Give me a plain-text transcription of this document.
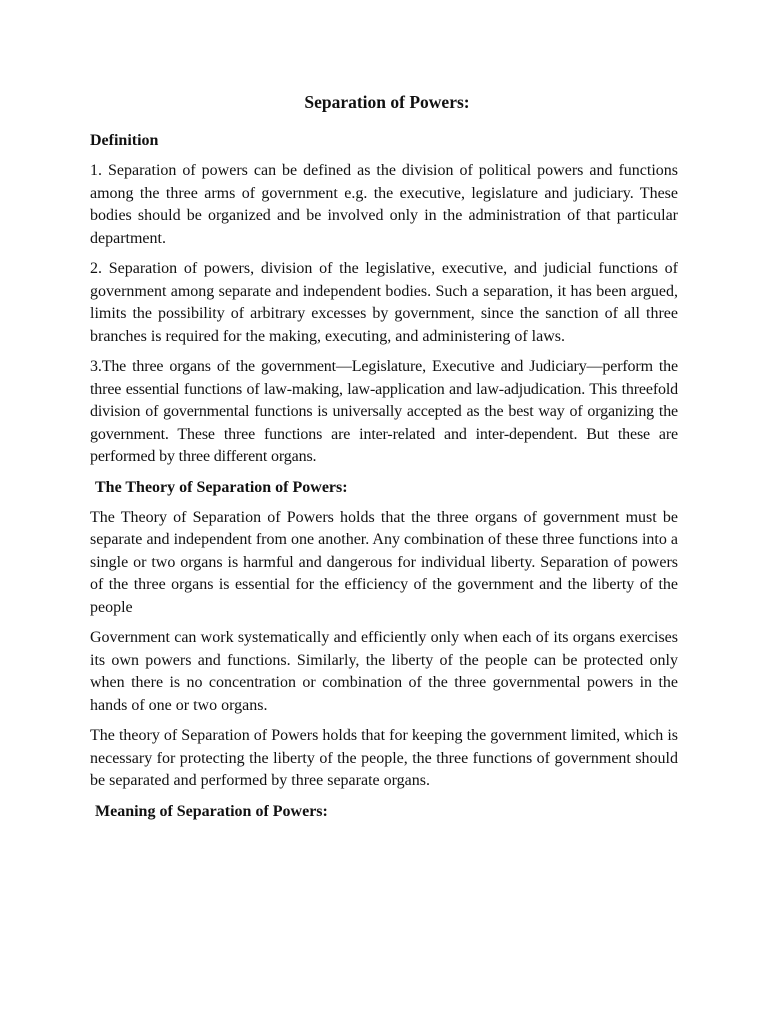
Separation of Powers:
Definition

1. Separation of powers can be defined as the division of political powers and functions among the three arms of government e.g. the executive, legislature and judiciary. These bodies should be organized and be involved only in the administration of that particular department.

2. Separation of powers, division of the legislative, executive, and judicial functions of government among separate and independent bodies. Such a separation, it has been argued, limits the possibility of arbitrary excesses by government, since the sanction of all three branches is required for the making, executing, and administering of laws.

3.The three organs of the government—Legislature, Executive and Judiciary—perform the three essential functions of law-making, law-application and law-adjudication. This threefold division of governmental functions is universally accepted as the best way of organizing the government. These three functions are inter-related and inter-dependent. But these are performed by three different organs.

The Theory of Separation of Powers:

The Theory of Separation of Powers holds that the three organs of government must be separate and independent from one another. Any combination of these three functions into a single or two organs is harmful and dangerous for individual liberty. Separation of powers of the three organs is essential for the efficiency of the government and the liberty of the people

Government can work systematically and efficiently only when each of its organs exercises its own powers and functions. Similarly, the liberty of the people can be protected only when there is no concentration or combination of the three governmental powers in the hands of one or two organs.

The theory of Separation of Powers holds that for keeping the government limited, which is necessary for protecting the liberty of the people, the three functions of government should be separated and performed by three separate organs.

Meaning of Separation of Powers:
